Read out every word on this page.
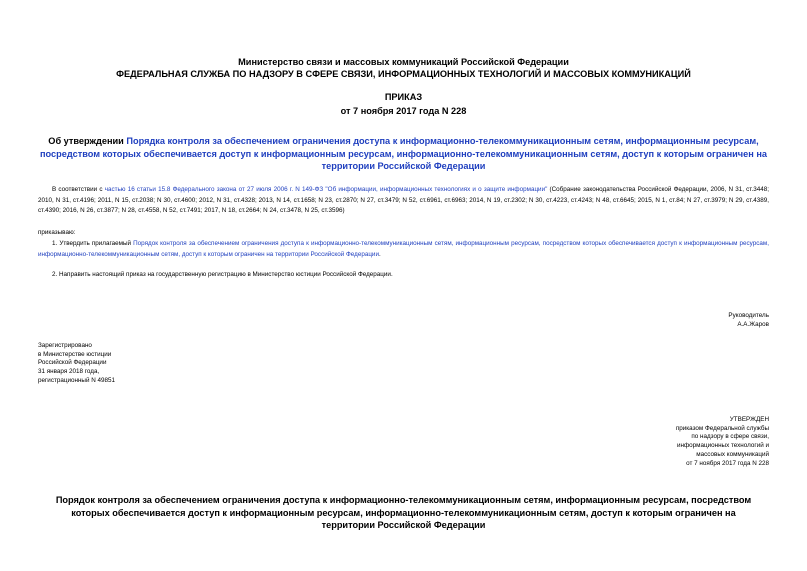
Министерство связи и массовых коммуникаций Российской Федерации
ФЕДЕРАЛЬНАЯ СЛУЖБА ПО НАДЗОРУ В СФЕРЕ СВЯЗИ, ИНФОРМАЦИОННЫХ ТЕХНОЛОГИЙ И МАССОВЫХ КОММУНИКАЦИЙ
ПРИКАЗ
от 7 ноября 2017 года N 228
Об утверждении Порядка контроля за обеспечением ограничения доступа к информационно-телекоммуникационным сетям, информационным ресурсам, посредством которых обеспечивается доступ к информационным ресурсам, информационно-телекоммуникационным сетям, доступ к которым ограничен на территории Российской Федерации
В соответствии с частью 16 статьи 15.8 Федерального закона от 27 июля 2006 г. N 149-ФЗ "Об информации, информационных технологиях и о защите информации" (Собрание законодательства Российской Федерации, 2006, N 31, ст.3448; 2010, N 31, ст.4196; 2011, N 15, ст.2038; N 30, ст.4600; 2012, N 31, ст.4328; 2013, N 14, ст.1658; N 23, ст.2870; N 27, ст.3479; N 52, ст.6961, ст.6963; 2014, N 19, ст.2302; N 30, ст.4223, ст.4243; N 48, ст.6645; 2015, N 1, ст.84; N 27, ст.3979; N 29, ст.4389, ст.4390; 2016, N 26, ст.3877; N 28, ст.4558, N 52, ст.7491; 2017, N 18, ст.2664; N 24, ст.3478, N 25, ст.3596)
приказываю:
1. Утвердить прилагаемый Порядок контроля за обеспечением ограничения доступа к информационно-телекоммуникационным сетям, информационным ресурсам, посредством которых обеспечивается доступ к информационным ресурсам, информационно-телекоммуникационным сетям, доступ к которым ограничен на территории Российской Федерации.
2. Направить настоящий приказ на государственную регистрацию в Министерство юстиции Российской Федерации.
Руководитель
А.А.Жаров
Зарегистрировано
в Министерстве юстиции
Российской Федерации
31 января 2018 года,
регистрационный N 49851
УТВЕРЖДЕН
приказом Федеральной службы
по надзору в сфере связи,
информационных технологий и
массовых коммуникаций
от 7 ноября 2017 года N 228
Порядок контроля за обеспечением ограничения доступа к информационно-телекоммуникационным сетям, информационным ресурсам, посредством которых обеспечивается доступ к информационным ресурсам, информационно-телекоммуникационным сетям, доступ к которым ограничен на территории Российской Федерации
